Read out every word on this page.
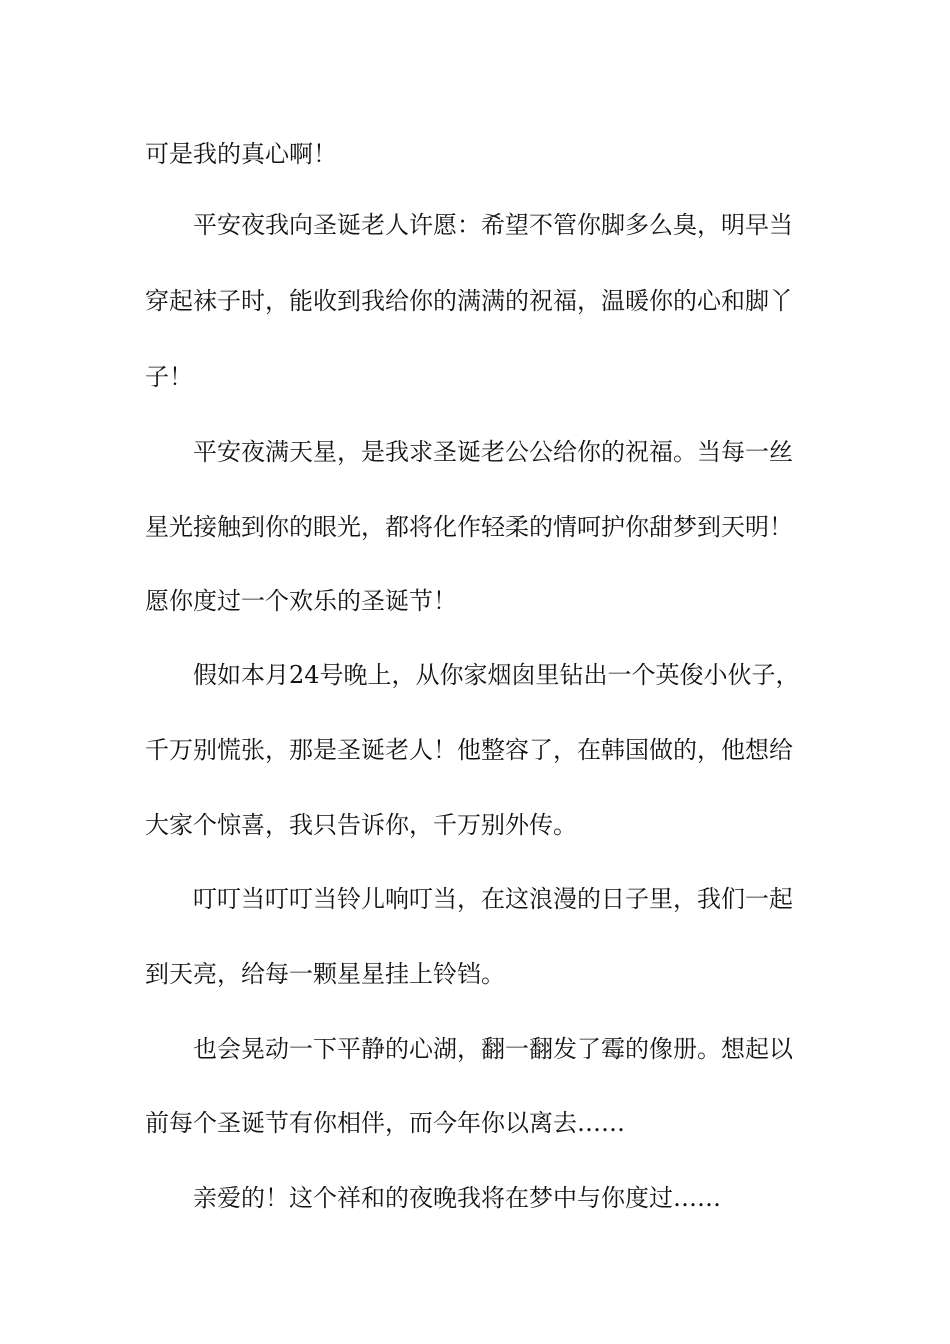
可是我的真心啊！
平安夜我向圣诞老人许愿：希望不管你脚多么臭，明早当
穿起袜子时，能收到我给你的满满的祝福，温暖你的心和脚丫
子！
平安夜满天星，是我求圣诞老公公给你的祝福。当每一丝
星光接触到你的眼光，都将化作轻柔的情呵护你甜梦到天明！
愿你度过一个欢乐的圣诞节！
假如本月24号晚上，从你家烟囱里钻出一个英俊小伙子，
千万别慌张，那是圣诞老人！他整容了，在韩国做的，他想给
大家个惊喜，我只告诉你，千万别外传。
叮叮当叮叮当铃儿响叮当，在这浪漫的日子里，我们一起
到天亮，给每一颗星星挂上铃铛。
也会晃动一下平静的心湖，翻一翻发了霉的像册。想起以
前每个圣诞节有你相伴，而今年你以离去……
亲爱的！这个祥和的夜晚我将在梦中与你度过……
